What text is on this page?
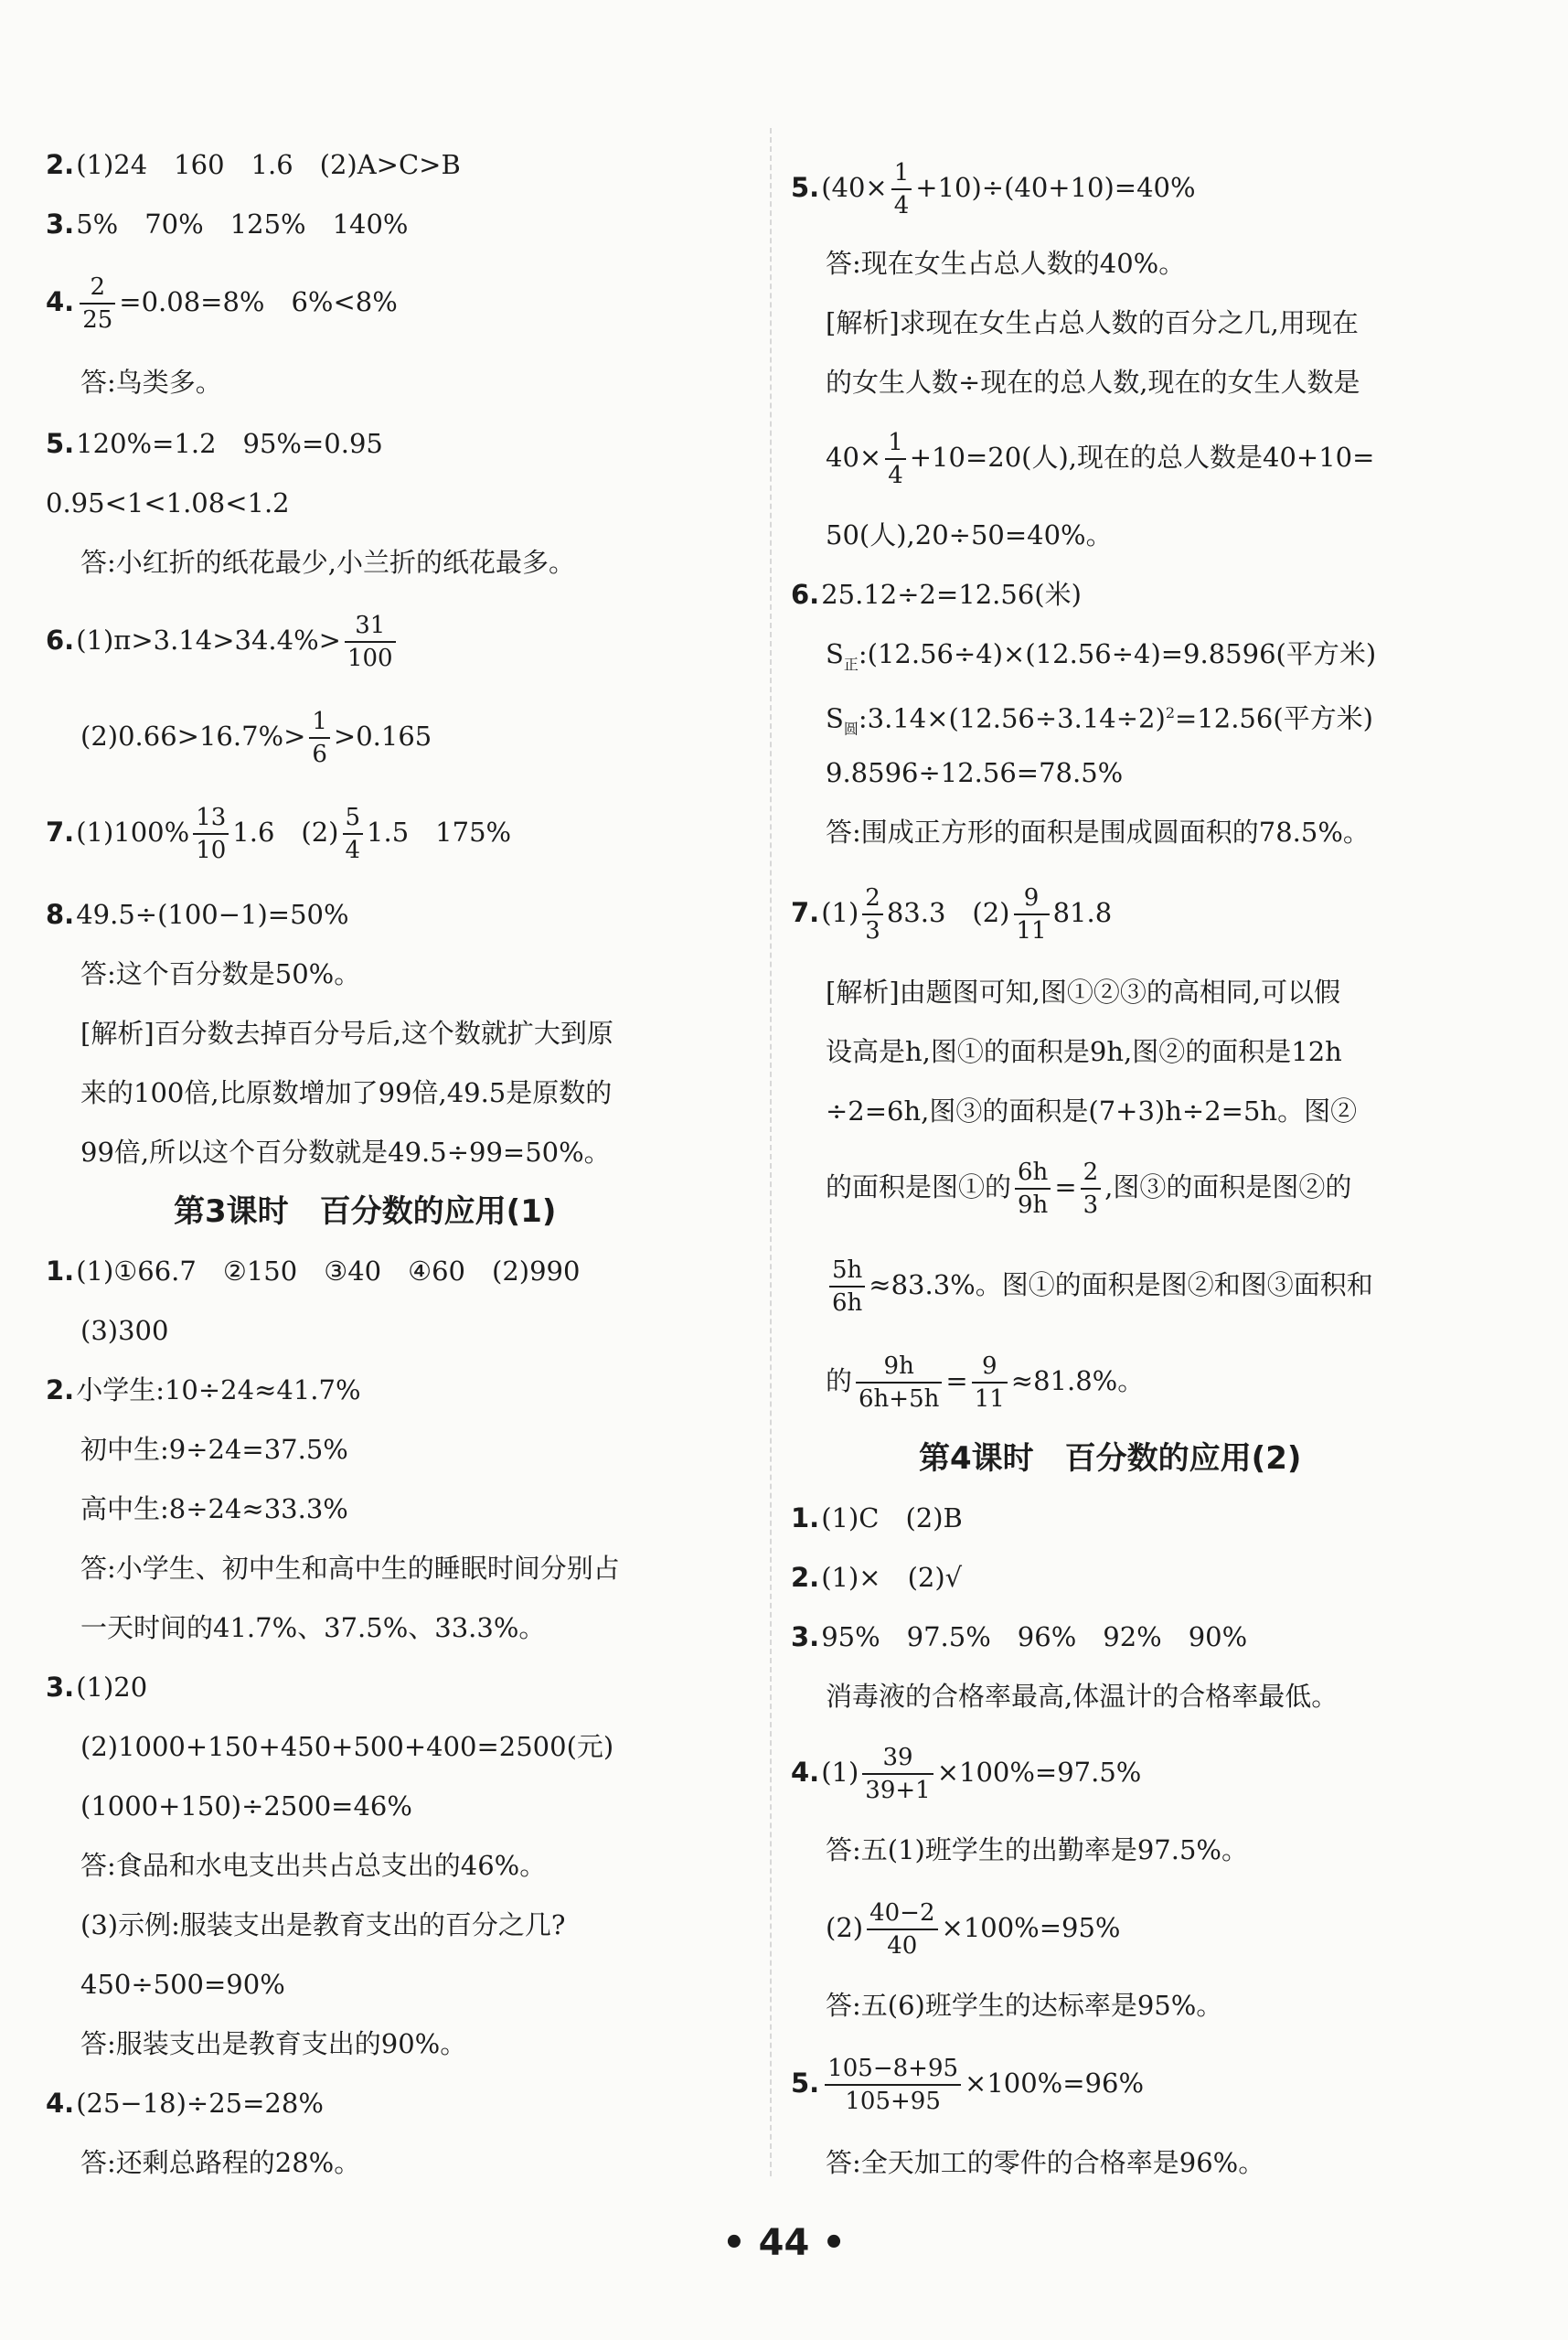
2.(1)24　160　1.6　(2)A>C>B
3.5%　70%　125%　140%
4. $\frac{2}{25} =0.08=8\%$　6%<8%
答:鸟类多。
5.120%=1.2　95%=0.95
0.95<1<1.08<1.2
答:小红折的纸花最少,小兰折的纸花最多。
$6.(1)\pi>3.14>34.4\%> \frac{31}{100}$
$(2)0.66>16.7\%> \frac{1}{6} >0.165$
$7.(1)100\% \frac{13}{10} 1.6$　$(2) \frac{5}{4} 1.5$　175%
8.49.5÷(100−1)=50%
答:这个百分数是50%。
[解析]百分数去掉百分号后,这个数就扩大到原
来的100倍,比原数增加了99倍,49.5是原数的
99倍,所以这个百分数就是49.5÷99=50%。
第3课时　百分数的应用(1)
1.(1)①66.7　②150　③40　④60　(2)990
(3)300
2.小学生:10÷24≈41.7%
初中生:9÷24=37.5%
高中生:8÷24≈33.3%
答:小学生、初中生和高中生的睡眠时间分别占
一天时间的41.7%、37.5%、33.3%。
3.(1)20
(2)1000+150+450+500+400=2500(元)
(1000+150)÷2500=46%
答:食品和水电支出共占总支出的46%。
(3)示例:服装支出是教育支出的百分之几?
450÷500=90%
答:服装支出是教育支出的90%。
4.(25−18)÷25=28%
答:还剩总路程的28%。
$5.(40\times \frac{1}{4} +10)\div(40+10)=40\%$
答:现在女生占总人数的40%。
[解析]求现在女生占总人数的百分之几,用现在
的女生人数÷现在的总人数,现在的女生人数是
$40\times \frac{1}{4} +10=20$(人),现在的总人数是40+10=
50(人),20÷50=40%。
6.25.12÷2=12.56(米)
$S_正:(12.56\div 4)\times(12.56\div 4)=9.8596$(平方米)
$S_圆:3.14\times(12.56\div 3.14\div 2)^2=12.56$(平方米)
9.8596÷12.56=78.5%
答:围成正方形的面积是围成圆面积的78.5%。
$7.(1) \frac{2}{3} 83.3$　$(2) \frac{9}{11} 81.8$
[解析]由题图可知,图①②③的高相同,可以假
设高是h,图①的面积是9h,图②的面积是12h
÷2=6h,图③的面积是(7+3)h÷2=5h。图②
的面积是图①的 $\frac{6h}{9h} = \frac{2}{3}$ ,图③的面积是图②的
$\frac{5h}{6h} \approx 83.3\%$。图①的面积是图②和图③面积和
的 $\frac{9h}{6h+5h} = \frac{9}{11} \approx 81.8\%$。
第4课时　百分数的应用(2)
1.(1)C　(2)B
2.(1)×　(2)√
3.95%　97.5%　96%　92%　90%
消毒液的合格率最高,体温计的合格率最低。
$4.(1) \frac{39}{39+1} \times 100\%=97.5\%$
答:五(1)班学生的出勤率是97.5%。
$(2) \frac{40-2}{40} \times 100\%=95\%$
答:五(6)班学生的达标率是95%。
5. $\frac{105-8+95}{105+95} \times 100\%=96\%$
答:全天加工的零件的合格率是96%。
• 44 •
